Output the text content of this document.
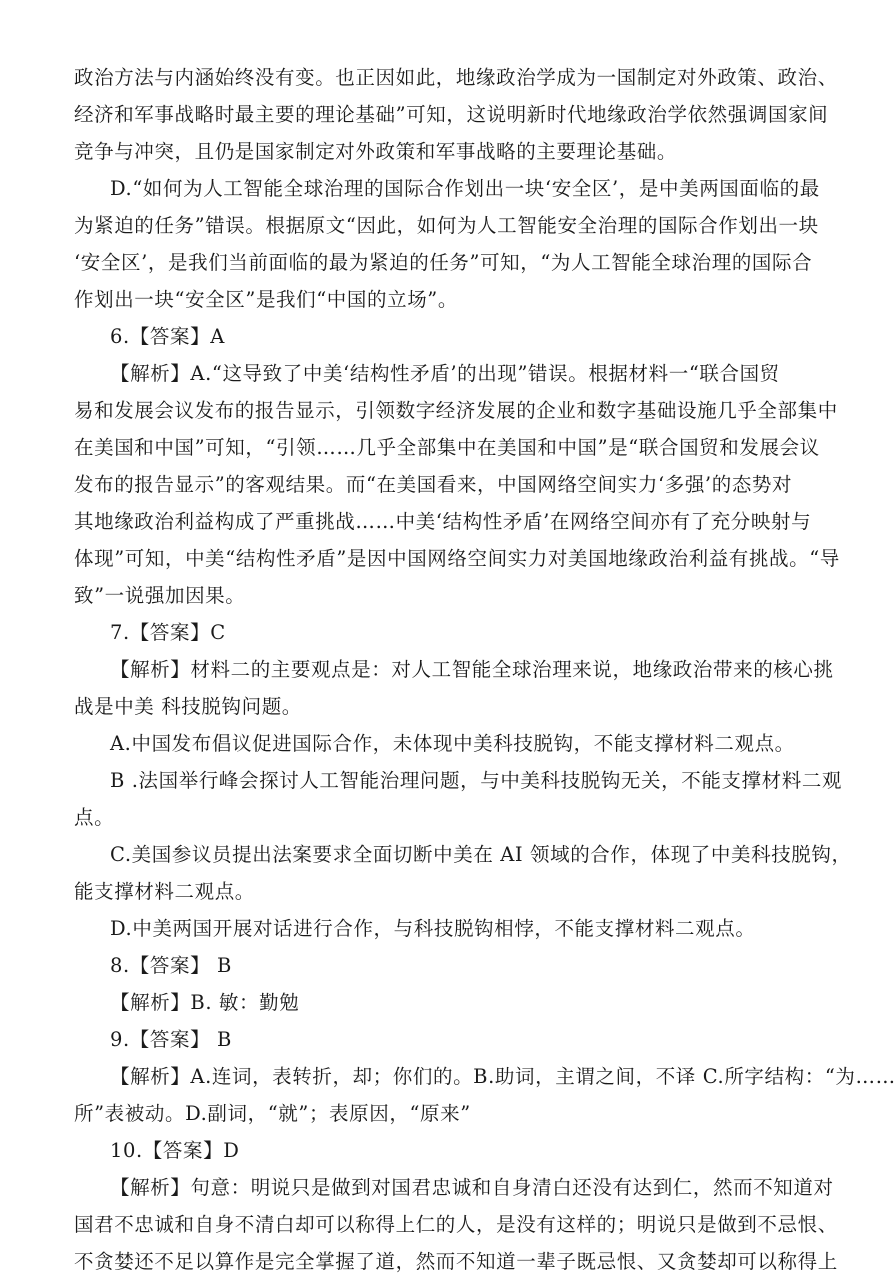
政治方法与内涵始终没有变。也正因如此，地缘政治学成为一国制定对外政策、政治、
经济和军事战略时最主要的理论基础”可知，这说明新时代地缘政治学依然强调国家间
竞争与冲突，且仍是国家制定对外政策和军事战略的主要理论基础。
D.“如何为人工智能全球治理的国际合作划出一块‘安全区’，是中美两国面临的最
为紧迫的任务”错误。根据原文“因此，如何为人工智能安全治理的国际合作划出一块
‘安全区’，是我们当前面临的最为紧迫的任务”可知，“为人工智能全球治理的国际合
作划出一块“安全区”是我们“中国的立场”。
6.【答案】A
【解析】A.“这导致了中美‘结构性矛盾’的出现”错误。根据材料一“联合国贸
易和发展会议发布的报告显示，引领数字经济发展的企业和数字基础设施几乎全部集中
在美国和中国”可知，“引领……几乎全部集中在美国和中国”是“联合国贸和发展会议
发布的报告显示”的客观结果。而“在美国看来，中国网络空间实力‘多强’的态势对
其地缘政治利益构成了严重挑战……中美‘结构性矛盾’在网络空间亦有了充分映射与
体现”可知，中美“结构性矛盾”是因中国网络空间实力对美国地缘政治利益有挑战。“导
致”一说强加因果。
7.【答案】C
【解析】材料二的主要观点是：对人工智能全球治理来说，地缘政治带来的核心挑
战是中美 科技脱钩问题。
A.中国发布倡议促进国际合作，未体现中美科技脱钩，不能支撑材料二观点。
B .法国举行峰会探讨人工智能治理问题，与中美科技脱钩无关，不能支撑材料二观
点。
C.美国参议员提出法案要求全面切断中美在 AI 领域的合作，体现了中美科技脱钩，
能支撑材料二观点。
D.中美两国开展对话进行合作，与科技脱钩相悖，不能支撑材料二观点。
8.【答案】 B
【解析】B. 敏：勤勉
9.【答案】 B
【解析】A.连词，表转折，却；你们的。B.助词，主谓之间，不译 C.所字结构：“为……
所”表被动。D.副词，“就”；表原因，“原来”
10.【答案】D
【解析】句意：明说只是做到对国君忠诚和自身清白还没有达到仁，然而不知道对
国君不忠诚和自身不清白却可以称得上仁的人，是没有这样的；明说只是做到不忌恨、
不贪婪还不足以算作是完全掌握了道，然而不知道一辈子既忌恨、又贪婪却可以称得上
